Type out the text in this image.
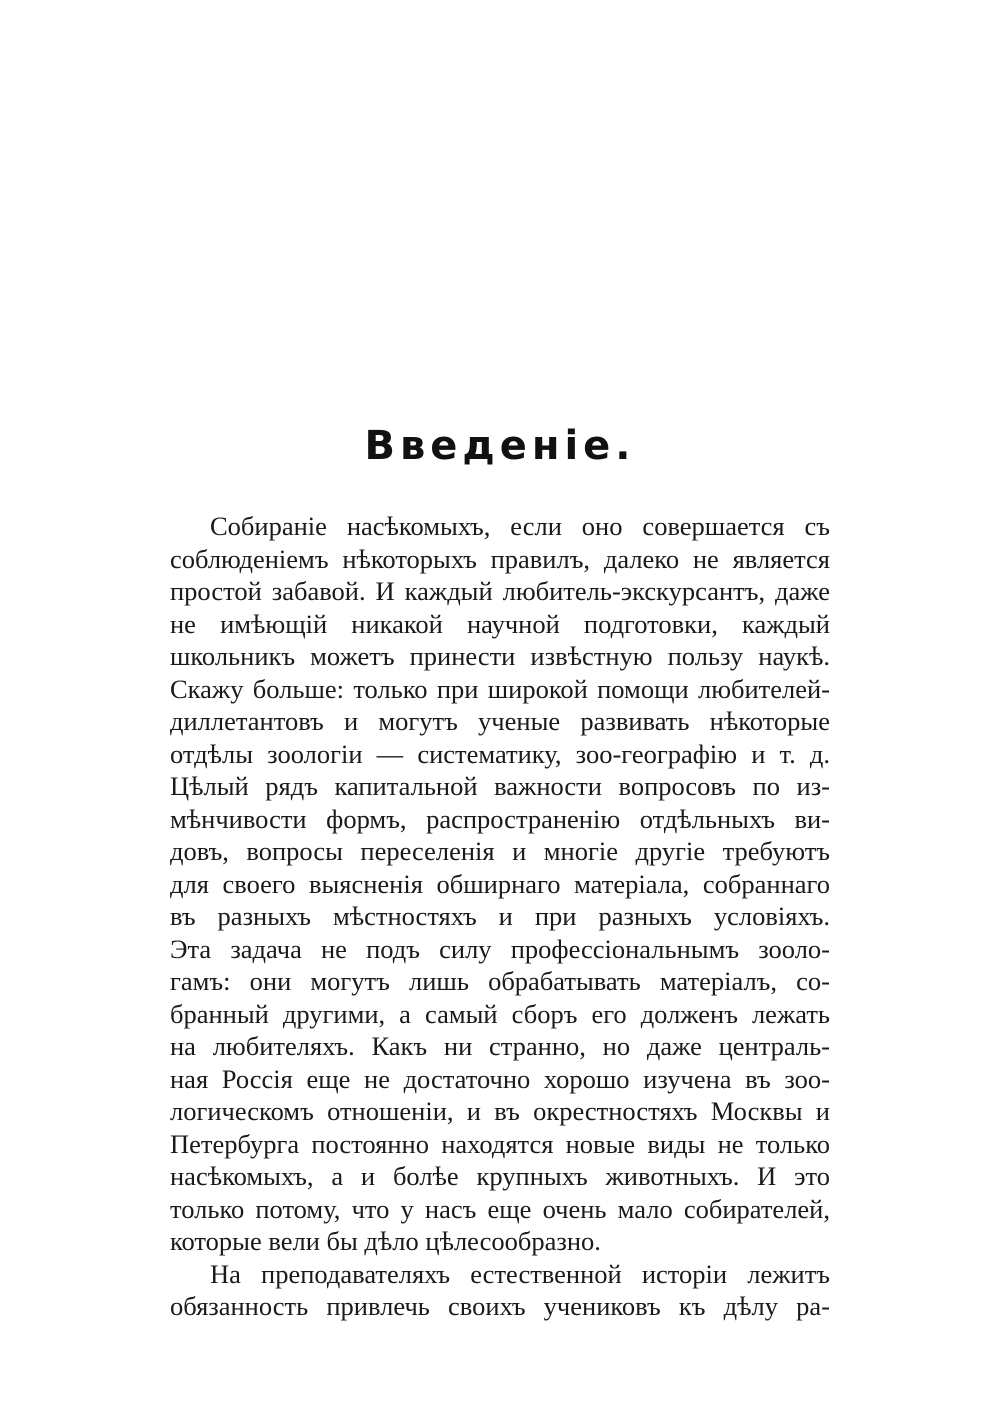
Введеніе.
Собираніе насѣкомыхъ, если оно совершается съ
соблюденіемъ нѣкоторыхъ правилъ, далеко не является
простой забавой. И каждый любитель-экскурсантъ, даже
не имѣющій никакой научной подготовки, каждый
школьникъ можетъ принести извѣстную пользу наукѣ.
Скажу больше: только при широкой помощи любителей-
диллетантовъ и могутъ ученые развивать нѣкоторые
отдѣлы зоологіи — систематику, зоо-географію и т. д.
Цѣлый рядъ капитальной важности вопросовъ по из-
мѣнчивости формъ, распространенію отдѣльныхъ ви-
довъ, вопросы переселенія и многіе другіе требуютъ
для своего выясненія обширнаго матеріала, собраннаго
въ разныхъ мѣстностяхъ и при разныхъ условіяхъ.
Эта задача не подъ силу профессіональнымъ зооло-
гамъ: они могутъ лишь обрабатывать матеріалъ, со-
бранный другими, а самый сборъ его долженъ лежать
на любителяхъ. Какъ ни странно, но даже централь-
ная Россія еще не достаточно хорошо изучена въ зоо-
логическомъ отношеніи, и въ окрестностяхъ Москвы и
Петербурга постоянно находятся новые виды не только
насѣкомыхъ, а и болѣе крупныхъ животныхъ. И это
только потому, что у насъ еще очень мало собирателей,
которые вели бы дѣло цѣлесообразно.
На преподавателяхъ естественной исторіи лежитъ
обязанность привлечь своихъ учениковъ къ дѣлу ра-
